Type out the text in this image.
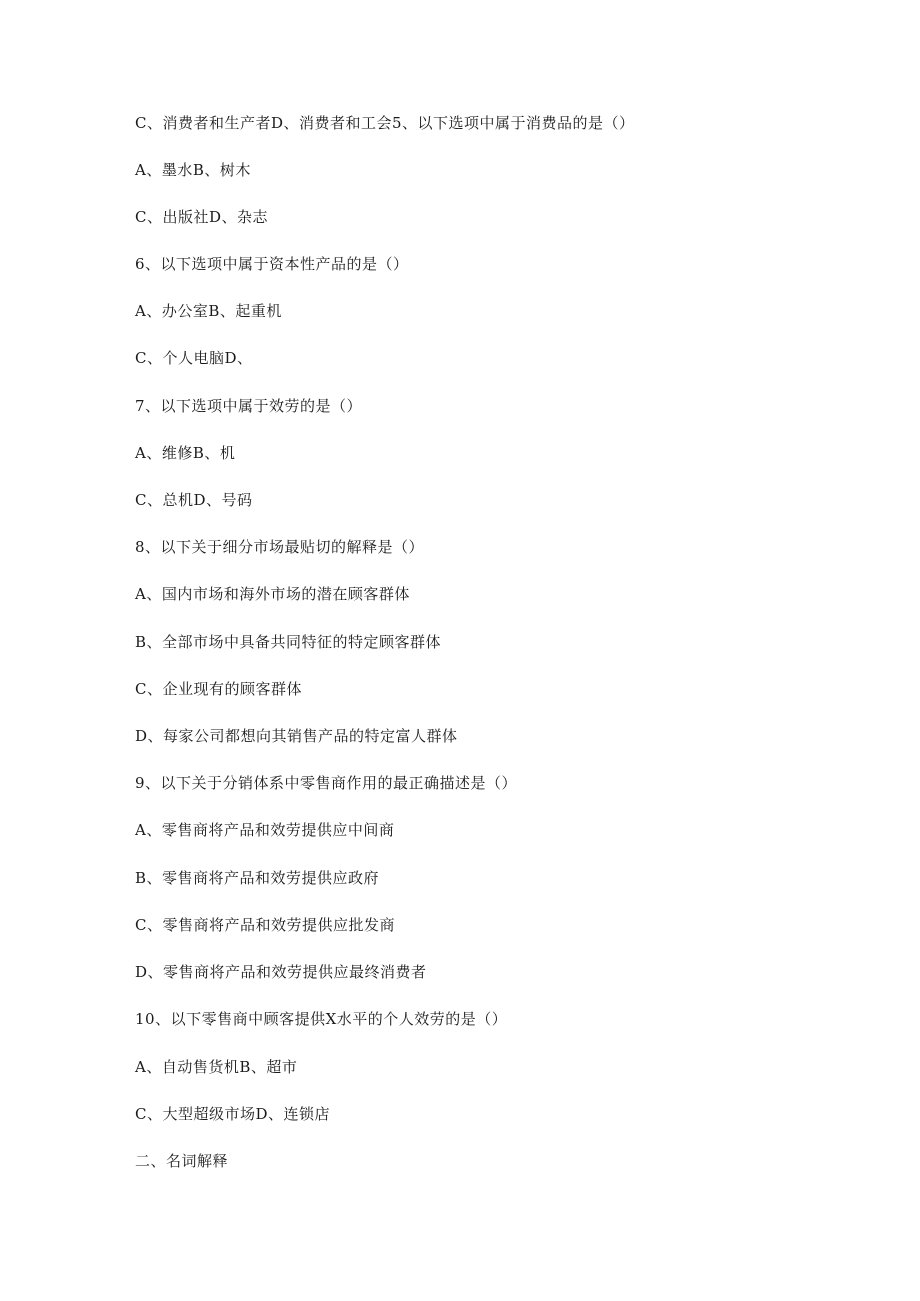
C、消费者和生产者D、消费者和工会5、以下选项中属于消费品的是（）
A、墨水B、树木
C、出版社D、杂志
6、以下选项中属于资本性产品的是（）
A、办公室B、起重机
C、个人电脑D、
7、以下选项中属于效劳的是（）
A、维修B、机
C、总机D、号码
8、以下关于细分市场最贴切的解释是（）
A、国内市场和海外市场的潜在顾客群体
B、全部市场中具备共同特征的特定顾客群体
C、企业现有的顾客群体
D、每家公司都想向其销售产品的特定富人群体
9、以下关于分销体系中零售商作用的最正确描述是（）
A、零售商将产品和效劳提供应中间商
B、零售商将产品和效劳提供应政府
C、零售商将产品和效劳提供应批发商
D、零售商将产品和效劳提供应最终消费者
10、以下零售商中顾客提供X水平的个人效劳的是（）
A、自动售货机B、超市
C、大型超级市场D、连锁店
二、名词解释
